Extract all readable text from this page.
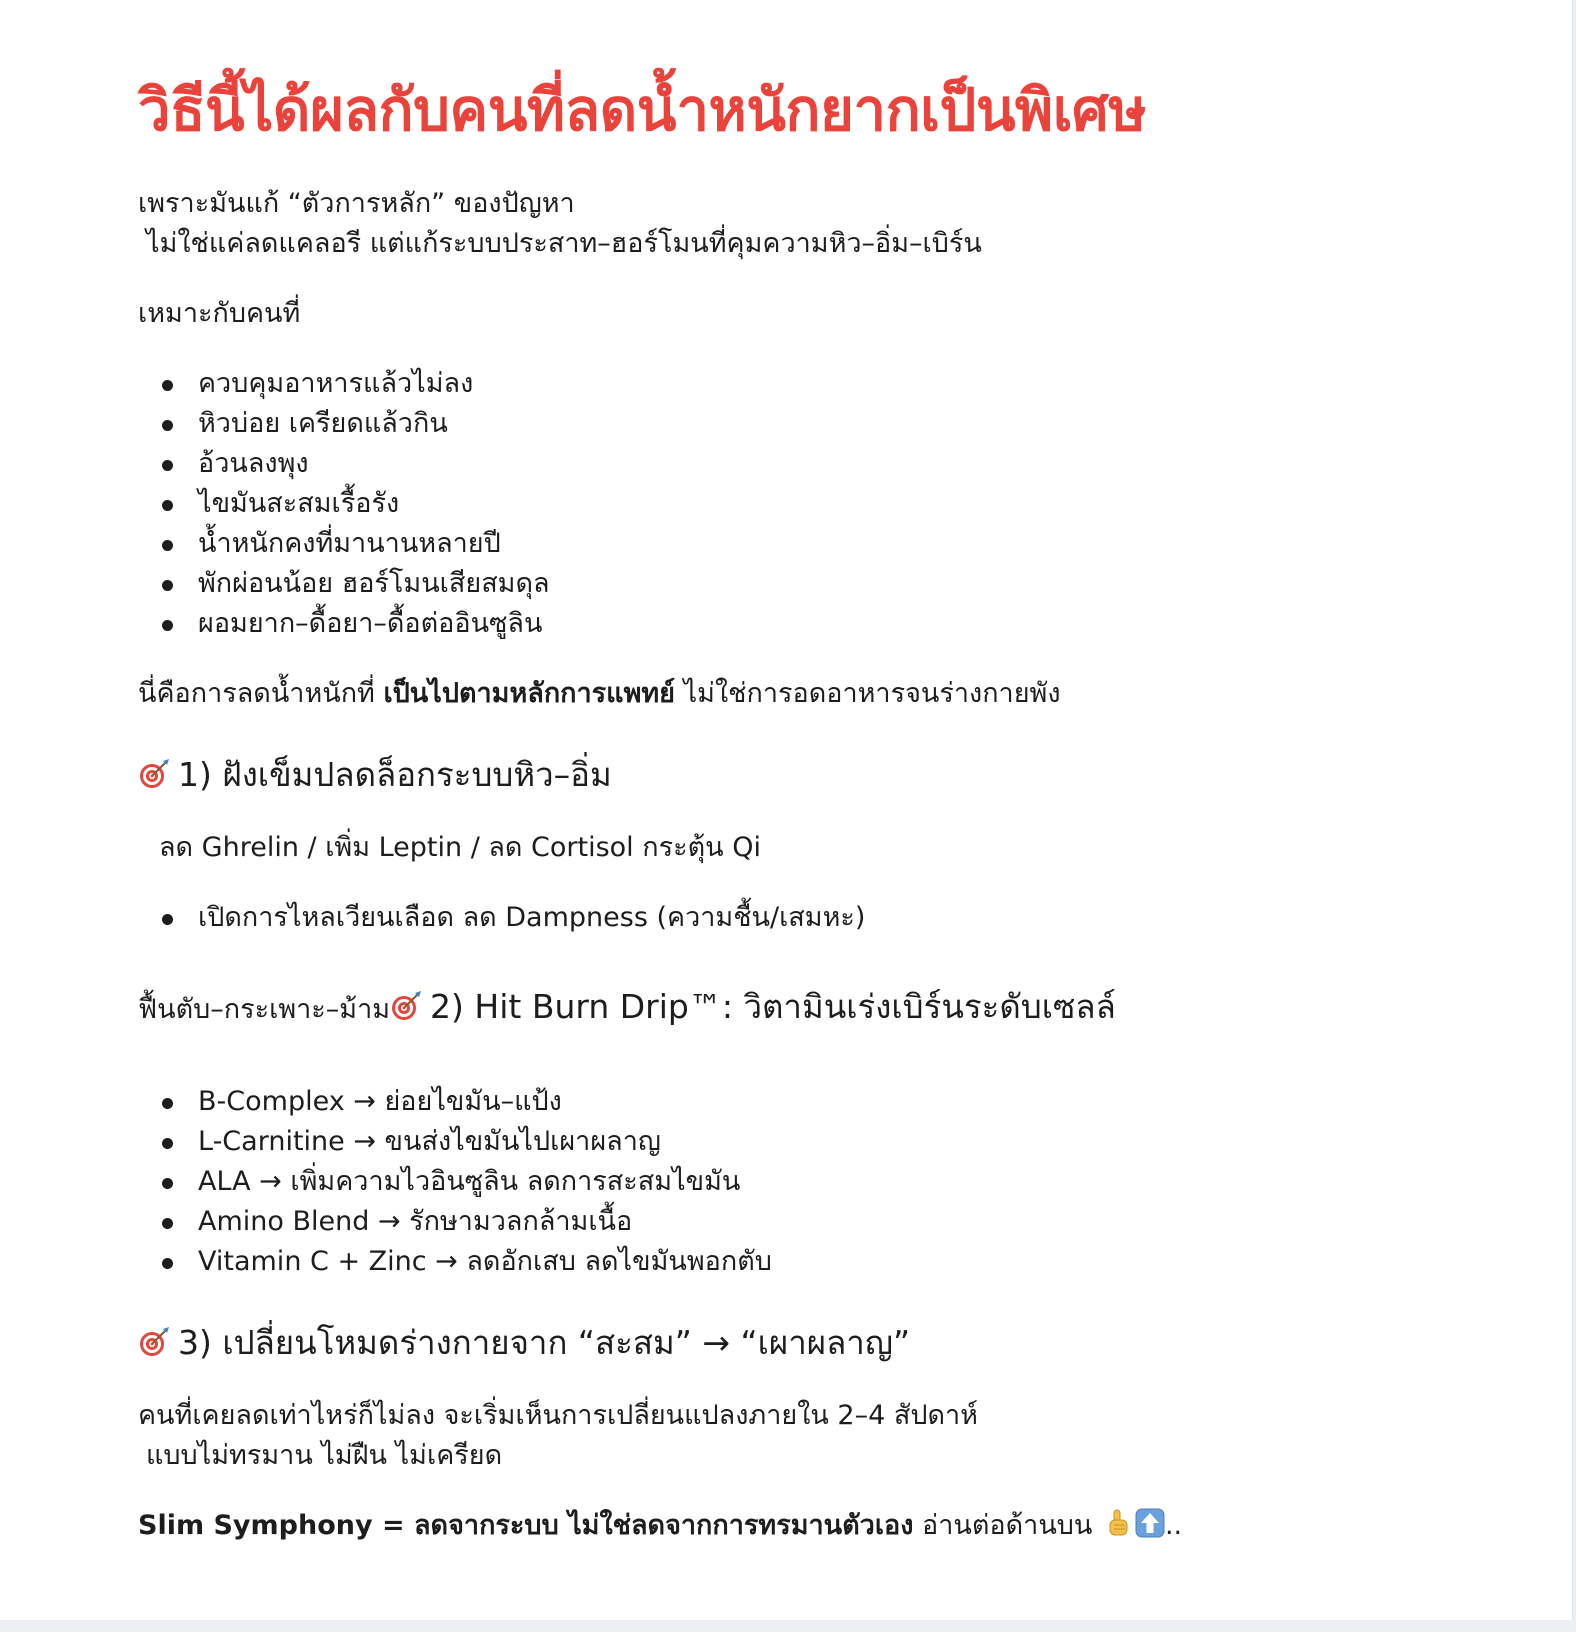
วิธีนี้ได้ผลกับคนที่ลดน้ำหนักยากเป็นพิเศษ

เพราะมันแก้ “ตัวการหลัก” ของปัญหา

ไม่ใช่แค่ลดแคลอรี แต่แก้ระบบประสาท–ฮอร์โมนที่คุมความหิว–อิ่ม–เบิร์น

เหมาะกับคนที่

ควบคุมอาหารแล้วไม่ลง
หิวบ่อย เครียดแล้วกิน
อ้วนลงพุง
ไขมันสะสมเรื้อรัง
น้ำหนักคงที่มานานหลายปี
พักผ่อนน้อย ฮอร์โมนเสียสมดุล
ผอมยาก–ดื้อยา–ดื้อต่ออินซูลิน

นี่คือการลดน้ำหนักที่ เป็นไปตามหลักการแพทย์ ไม่ใช่การอดอาหารจนร่างกายพัง

1) ฝังเข็มปลดล็อกระบบหิว–อิ่ม

ลด Ghrelin / เพิ่ม Leptin / ลด Cortisol กระตุ้น Qi

เปิดการไหลเวียนเลือด ลด Dampness (ความชื้น/เสมหะ)

ฟื้นตับ–กระเพาะ–ม้าม 2) Hit Burn Drip™: วิตามินเร่งเบิร์นระดับเซลล์

B-Complex → ย่อยไขมัน–แป้ง
L-Carnitine → ขนส่งไขมันไปเผาผลาญ
ALA → เพิ่มความไวอินซูลิน ลดการสะสมไขมัน
Amino Blend → รักษามวลกล้ามเนื้อ
Vitamin C + Zinc → ลดอักเสบ ลดไขมันพอกตับ

3) เปลี่ยนโหมดร่างกายจาก “สะสม” → “เผาผลาญ”

คนที่เคยลดเท่าไหร่ก็ไม่ลง จะเริ่มเห็นการเปลี่ยนแปลงภายใน 2–4 สัปดาห์

แบบไม่ทรมาน ไม่ฝืน ไม่เครียด

Slim Symphony = ลดจากระบบ ไม่ใช่ลดจากการทรมานตัวเอง อ่านต่อด้านบน ..
